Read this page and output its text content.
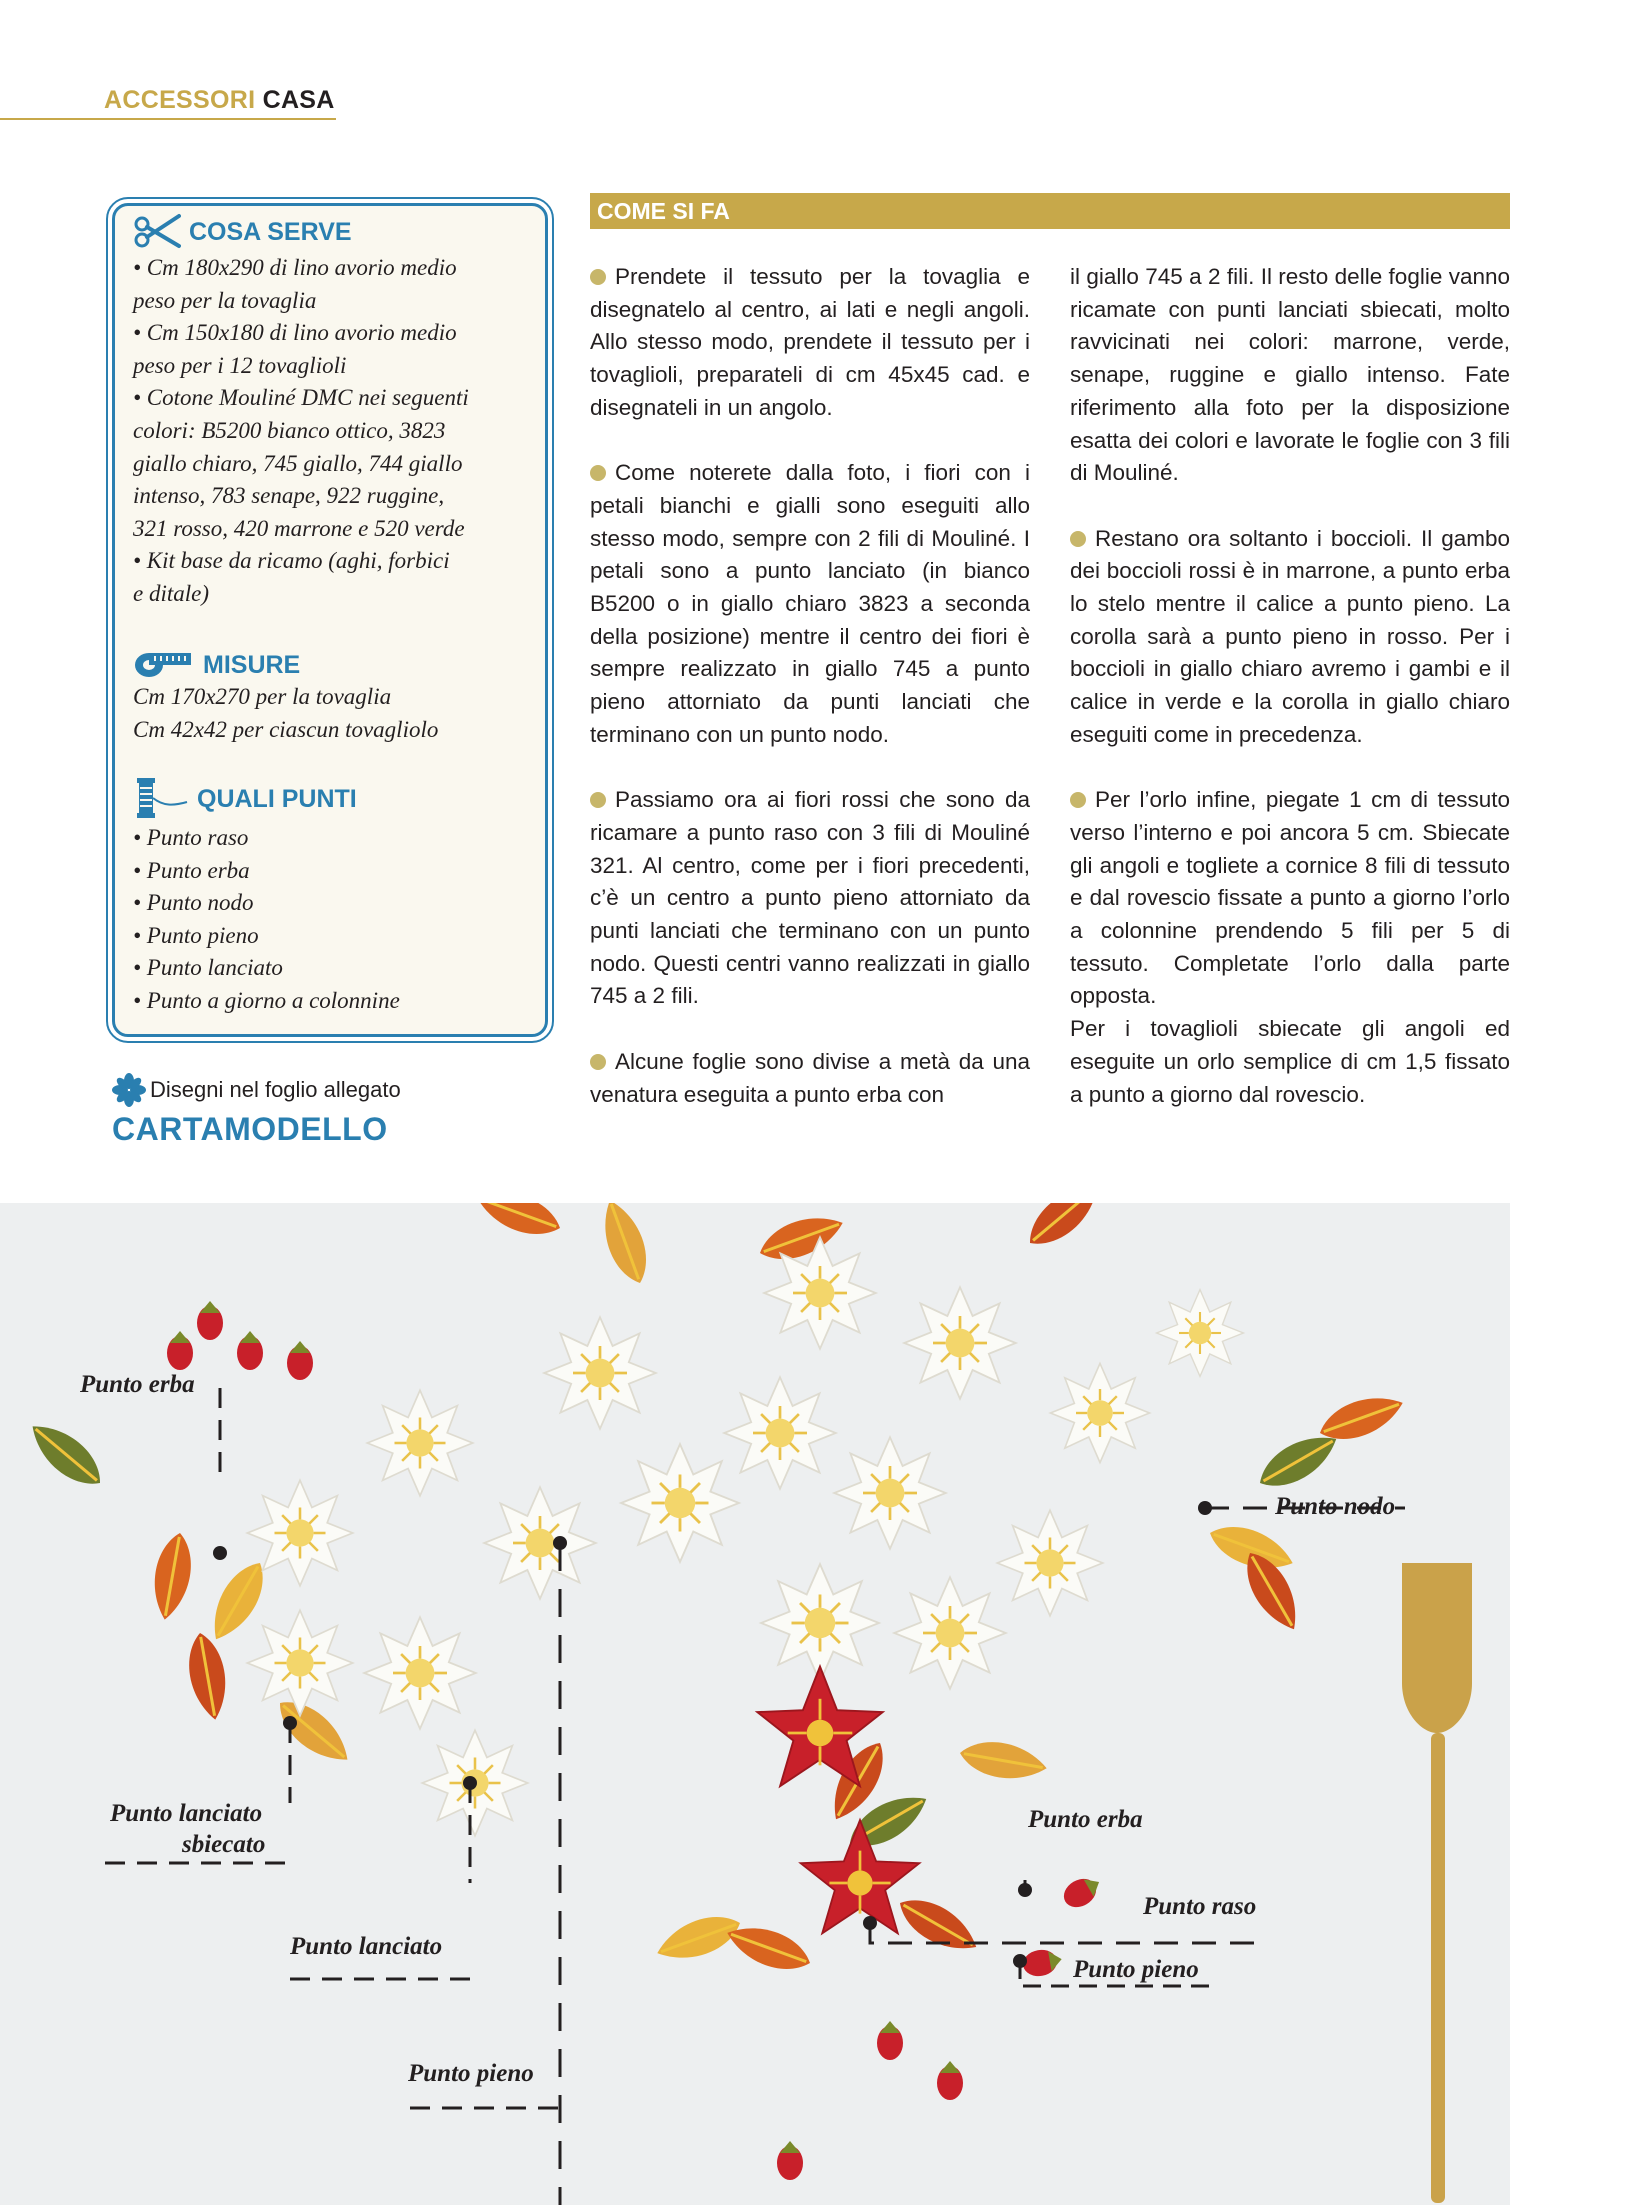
ACCESSORI CASA
COSA SERVE
• Cm 180x290 di lino avorio medio
peso per la tovaglia
• Cm 150x180 di lino avorio medio
peso per i 12 tovaglioli
• Cotone Mouliné DMC nei seguenti
colori: B5200 bianco ottico, 3823
giallo chiaro, 745 giallo, 744 giallo
intenso, 783 senape, 922 ruggine,
321 rosso, 420 marrone e 520 verde
• Kit base da ricamo (aghi, forbici
e ditale)
MISURE
Cm 170x270 per la tovaglia
Cm 42x42 per ciascun tovagliolo
QUALI PUNTI
• Punto raso
• Punto erba
• Punto nodo
• Punto pieno
• Punto lanciato
• Punto a giorno a colonnine
Disegni nel foglio allegato
CARTAMODELLO
COME SI FA

Prendete il tessuto per la tovaglia e disegnatelo al centro, ai lati e negli angoli. Allo stesso modo, prendete il tessuto per i tovaglioli, preparateli di cm 45x45 cad. e disegnateli in un angolo.

Come noterete dalla foto, i fiori con i petali bianchi e gialli sono eseguiti allo stesso modo, sempre con 2 fili di Mouliné. I petali sono a punto lanciato (in bianco B5200 o in giallo chiaro 3823 a seconda della posizione) mentre il centro dei fiori è sempre realizzato in giallo 745 a punto pieno attorniato da punti lanciati che terminano con un punto nodo.

Passiamo ora ai fiori rossi che sono da ricamare a punto raso con 3 fili di Mouliné 321. Al centro, come per i fiori precedenti, c’è un centro a punto pieno attorniato da punti lanciati che terminano con un punto nodo. Questi centri vanno realizzati in giallo 745 a 2 fili.

Alcune foglie sono divise a metà da una venatura eseguita a punto erba con

il giallo 745 a 2 fili. Il resto delle foglie vanno ricamate con punti lanciati sbiecati, molto ravvicinati nei colori: marrone, verde, senape, ruggine e giallo intenso. Fate riferimento alla foto per la disposizione esatta dei colori e lavorate le foglie con 3 fili di Mouliné.

Restano ora soltanto i boccioli. Il gambo dei boccioli rossi è in marrone, a punto erba lo stelo mentre il calice a punto pieno. La corolla sarà a punto pieno in rosso. Per i boccioli in giallo chiaro avremo i gambi e il calice in verde e la corolla in giallo chiaro eseguiti come in precedenza.

Per l’orlo infine, piegate 1 cm di tessuto verso l’interno e poi ancora 5 cm. Sbiecate gli angoli e togliete a cornice 8 fili di tessuto e dal rovescio fissate a punto a giorno l’orlo a colonnine prendendo 5 fili per 5 di tessuto. Completate l’orlo dalla parte opposta.

Per i tovaglioli sbiecate gli angoli ed eseguite un orlo semplice di cm 1,5 fissato a punto a giorno dal rovescio.

Punto erba
Punto nodo
Punto lanciato
sbiecato
Punto lanciato
Punto pieno
Punto erba
Punto raso
Punto pieno
